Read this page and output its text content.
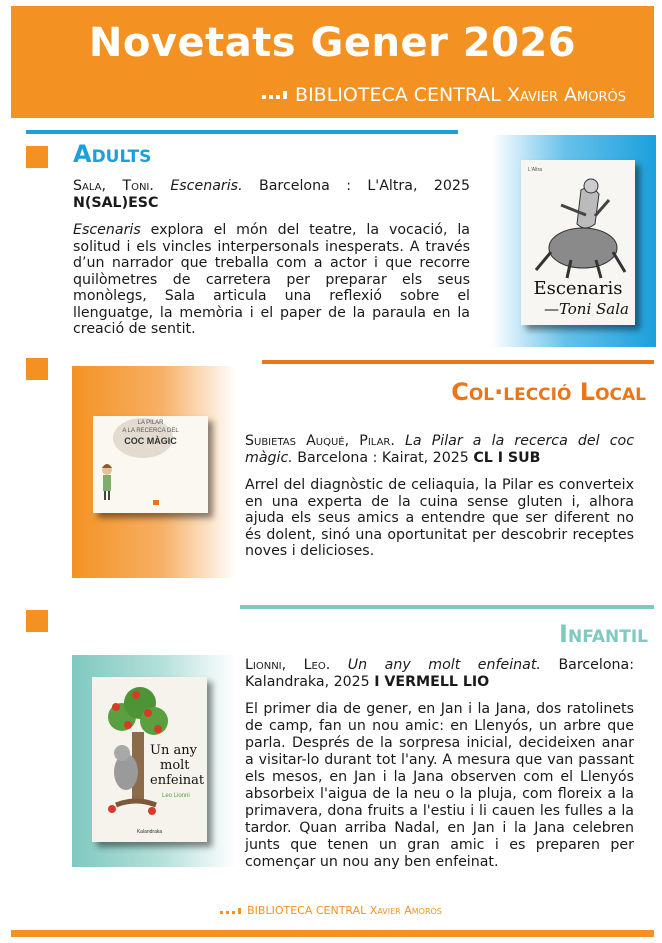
Novetats Gener 2026
BIBLIOTECA CENTRAL Xavier Amorós
Adults
Sala, Toni. Escenaris. Barcelona : L'Altra, 2025 N(SAL)ESC
Escenaris explora el món del teatre, la vocació, la solitud i els vincles interpersonals inesperats. A través d’un narrador que treballa com a actor i que recorre quilòmetres de carretera per preparar els seus monòlegs, Sala articula una reflexió sobre el llenguatge, la memòria i el paper de la paraula en la creació de sentit.
L'Altra
Escenaris
—Toni Sala
Col·lecció Local
LA PILAR
A LA RECERCA DEL
COC MÀGIC	Subietas Auqué, Pilar. La Pilar a la recerca del coc màgic. Barcelona : Kairat, 2025 CL I SUB
Arrel del diagnòstic de celiaquia, la Pilar es converteix en una experta de la cuina sense gluten i, alhora ajuda els seus amics a entendre que ser diferent no és dolent, sinó una oportunitat per descobrir receptes noves i delicioses.
Infantil
Un any
molt
enfeinat
Leo Lionni
Kalandraka
Lionni, Leo. Un any molt enfeinat. Barcelona: Kalandraka, 2025 I VERMELL LIO
El primer dia de gener, en Jan i la Jana, dos ratolinets de camp, fan un nou amic: en Llenyós, un arbre que parla. Després de la sorpresa inicial, decideixen anar a visitar-lo durant tot l'any. A mesura que van passant els mesos, en Jan i la Jana observen com el Llenyós absorbeix l'aigua de la neu o la pluja, com floreix a la primavera, dona fruits a l'estiu i li cauen les fulles a la tardor. Quan arriba Nadal, en Jan i la Jana celebren junts que tenen un gran amic i es preparen per començar un nou any ben enfeinat.
BIBLIOTECA CENTRAL Xavier Amorós
